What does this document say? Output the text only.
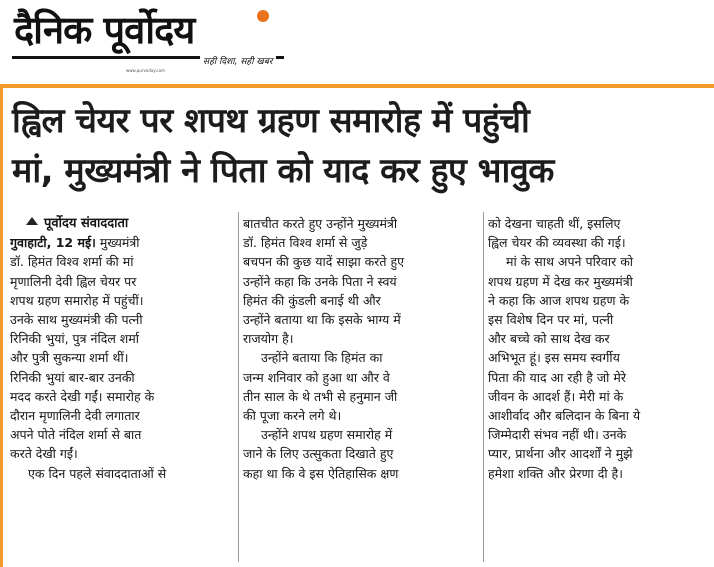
दैनिक पूर्वोदय
सही दिशा, सही खबर
www.purvoday.com
ह्विल चेयर पर शपथ ग्रहण समारोह में पहुंची
मां, मुख्यमंत्री ने पिता को याद कर हुए भावुक

पूर्वोदय संवाददाता

गुवाहाटी, 12 मई। मुख्यमंत्री

डॉ. हिमंत विश्व शर्मा की मां

मृणालिनी देवी ह्विल चेयर पर

शपथ ग्रहण समारोह में पहुंचीं।

उनके साथ मुख्यमंत्री की पत्नी

रिनिकी भुयां, पुत्र नंदिल शर्मा

और पुत्री सुकन्या शर्मा थीं।

रिनिकी भुयां बार-बार उनकी

मदद करते देखी गईं। समारोह के

दौरान मृणालिनी देवी लगातार

अपने पोते नंदिल शर्मा से बात

करते देखी गईं।

एक दिन पहले संवाददाताओं से

बातचीत करते हुए उन्होंने मुख्यमंत्री

डॉ. हिमंत विश्व शर्मा से जुड़े

बचपन की कुछ यादें साझा करते हुए

उन्होंने कहा कि उनके पिता ने स्वयं

हिमंत की कुंडली बनाई थी और

उन्होंने बताया था कि इसके भाग्य में

राजयोग है।

उन्होंने बताया कि हिमंत का

जन्म शनिवार को हुआ था और वे

तीन साल के थे तभी से हनुमान जी

की पूजा करने लगे थे।

उन्होंने शपथ ग्रहण समारोह में

जाने के लिए उत्सुकता दिखाते हुए

कहा था कि वे इस ऐतिहासिक क्षण

को देखना चाहती थीं, इसलिए

ह्विल चेयर की व्यवस्था की गई।

मां के साथ अपने परिवार को

शपथ ग्रहण में देख कर मुख्यमंत्री

ने कहा कि आज शपथ ग्रहण के

इस विशेष दिन पर मां, पत्नी

और बच्चे को साथ देख कर

अभिभूत हूं। इस समय स्वर्गीय

पिता की याद आ रही है जो मेरे

जीवन के आदर्श हैं। मेरी मां के

आशीर्वाद और बलिदान के बिना ये

जिम्मेदारी संभव नहीं थी। उनके

प्यार, प्रार्थना और आदर्शों ने मुझे

हमेशा शक्ति और प्रेरणा दी है।
